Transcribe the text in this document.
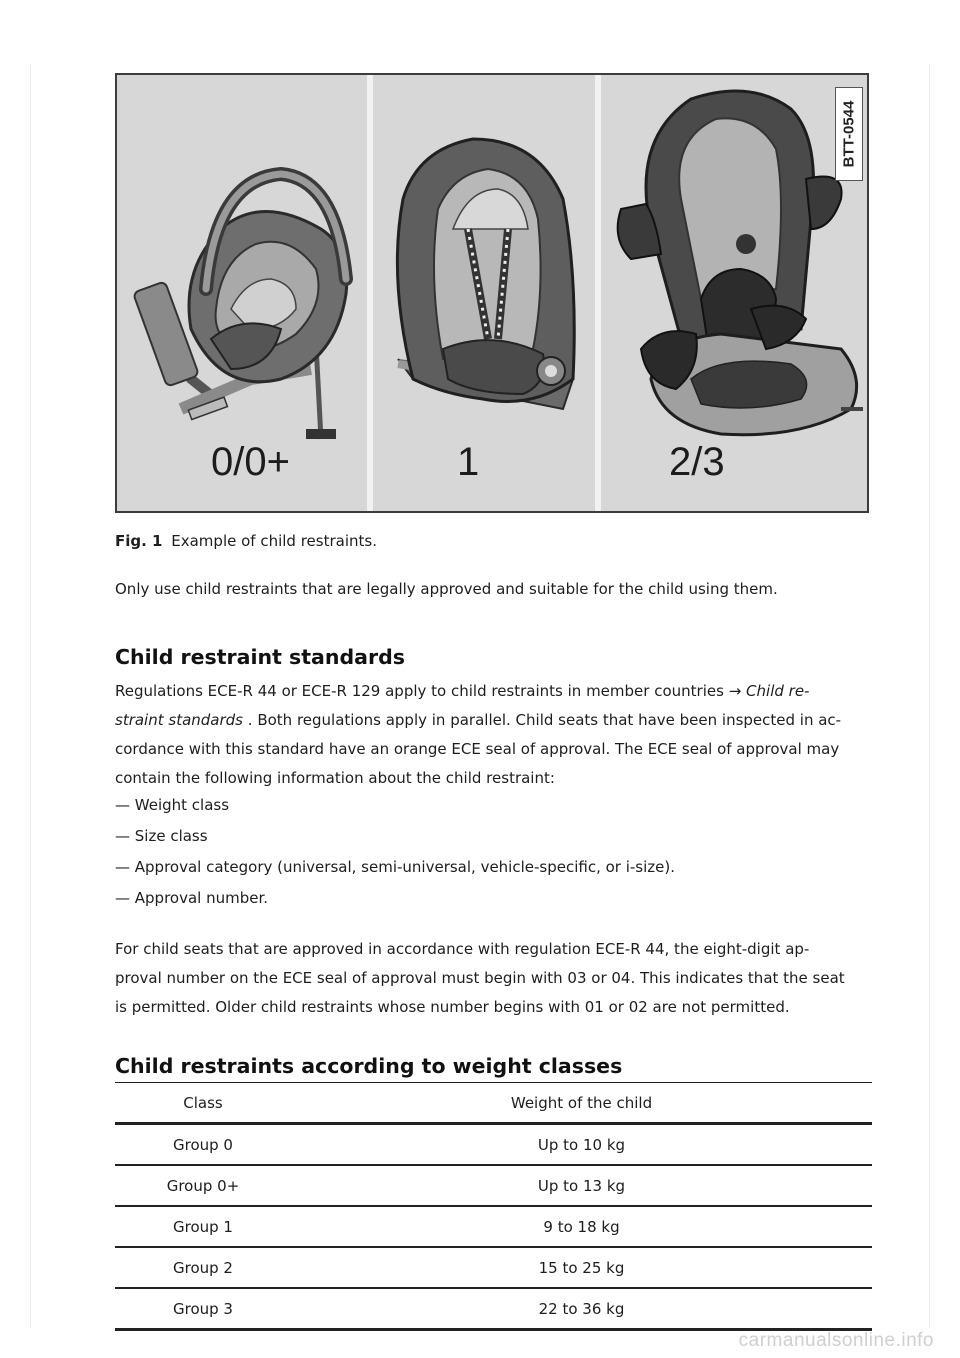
0/0+	1	2/3
BTT-0544
Fig. 1 Example of child restraints.

Only use child restraints that are legally approved and suitable for the child using them.

Child restraint standards
Regulations ECE-R 44 or ECE-R 129 apply to child restraints in member countries → Child re-
straint standards . Both regulations apply in parallel. Child seats that have been inspected in ac-
cordance with this standard have an orange ECE seal of approval. The ECE seal of approval may
contain the following information about the child restraint:
— Weight class
— Size class
— Approval category (universal, semi-universal, vehicle-specific, or i-size).
— Approval number.
For child seats that are approved in accordance with regulation ECE-R 44, the eight-digit ap-
proval number on the ECE seal of approval must begin with 03 or 04. This indicates that the seat
is permitted. Older child restraints whose number begins with 01 or 02 are not permitted.
Child restraints according to weight classes
Class	Weight of the child
Group 0	Up to 10 kg
Group 0+	Up to 13 kg
Group 1	9 to 18 kg
Group 2	15 to 25 kg
Group 3	22 to 36 kg
carmanualsonline.info
